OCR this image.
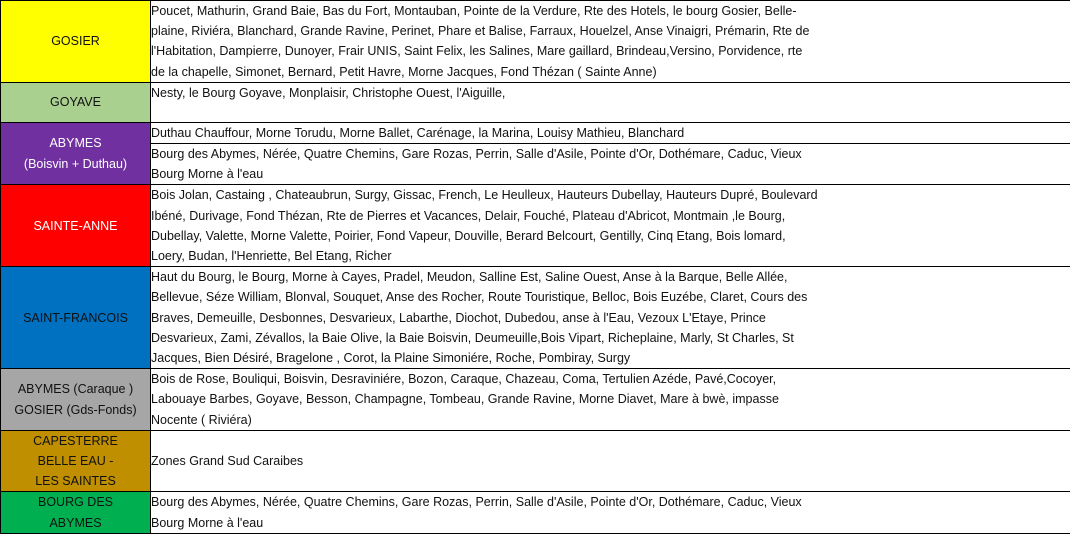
GOSIER	Poucet, Mathurin, Grand Baie, Bas du Fort, Montauban, Pointe de la Verdure, Rte des Hotels, le bourg Gosier, Belle-
plaine, Riviéra, Blanchard, Grande Ravine, Perinet, Phare et Balise, Farraux, Houelzel, Anse Vinaigri, Prémarin, Rte de
l'Habitation, Dampierre, Dunoyer, Frair UNIS, Saint Felix, les Salines, Mare gaillard, Brindeau,Versino, Porvidence, rte
de la chapelle, Simonet, Bernard, Petit Havre, Morne Jacques, Fond Thézan ( Sainte Anne)

GOYAVE	Nesty, le Bourg Goyave, Monplaisir, Christophe Ouest, l'Aiguille,

ABYMES
(Boisvin + Duthau)	Duthau Chauffour, Morne Torudu, Morne Ballet, Carénage, la Marina, Louisy Mathieu, Blanchard

	Bourg des Abymes, Nérée, Quatre Chemins, Gare Rozas, Perrin, Salle d'Asile, Pointe d'Or, Dothémare, Caduc, Vieux
Bourg Morne à l'eau

SAINTE-ANNE	Bois Jolan, Castaing , Chateaubrun, Surgy, Gissac, French, Le Heulleux, Hauteurs Dubellay, Hauteurs Dupré, Boulevard
Ibéné, Durivage, Fond Thézan, Rte de Pierres et Vacances, Delair, Fouché, Plateau d'Abricot, Montmain ,le Bourg,
Dubellay, Valette, Morne Valette, Poirier, Fond Vapeur, Douville, Berard Belcourt, Gentilly, Cinq Etang, Bois lomard,
Loery, Budan, l'Henriette, Bel Etang, Richer

SAINT-FRANCOIS	Haut du Bourg, le Bourg, Morne à Cayes, Pradel, Meudon, Salline Est, Saline Ouest, Anse à la Barque, Belle Allée,
Bellevue, Séze William, Blonval, Souquet, Anse des Rocher, Route Touristique, Belloc, Bois Euzébe, Claret, Cours des
Braves, Demeuille, Desbonnes, Desvarieux, Labarthe, Diochot, Dubedou, anse à l'Eau, Vezoux L'Etaye, Prince
Desvarieux, Zami, Zévallos, la Baie Olive, la Baie Boisvin, Deumeuille,Bois Vipart, Richeplaine, Marly, St Charles, St
Jacques, Bien Désiré, Bragelone , Corot, la Plaine Simoniére, Roche, Pombiray, Surgy

ABYMES (Caraque )
GOSIER (Gds-Fonds)	Bois de Rose, Bouliqui, Boisvin, Desraviniére, Bozon, Caraque, Chazeau, Coma, Tertulien Azéde, Pavé,Cocoyer,
Labouaye Barbes, Goyave, Besson, Champagne, Tombeau, Grande Ravine, Morne Diavet, Mare à bwè, impasse
Nocente ( Riviéra)

CAPESTERRE
BELLE EAU -
LES SAINTES	Zones Grand Sud Caraibes

BOURG DES
ABYMES	Bourg des Abymes, Nérée, Quatre Chemins, Gare Rozas, Perrin, Salle d'Asile, Pointe d'Or, Dothémare, Caduc, Vieux
Bourg Morne à l'eau
